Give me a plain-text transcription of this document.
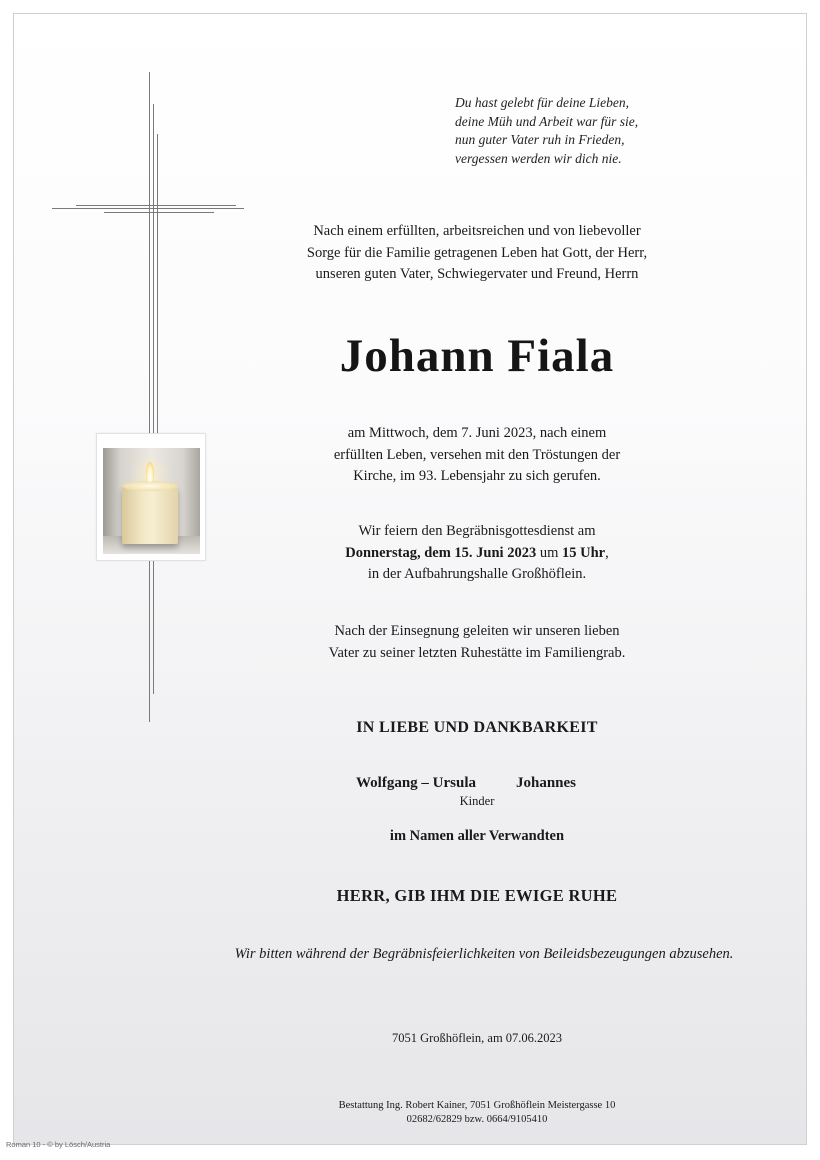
Du hast gelebt für deine Lieben,
deine Müh und Arbeit war für sie,
nun guter Vater ruh in Frieden,
vergessen werden wir dich nie.
Nach einem erfüllten, arbeitsreichen und von liebevoller
Sorge für die Familie getragenen Leben hat Gott, der Herr,
unseren guten Vater, Schwiegervater und Freund, Herrn
Johann Fiala
am Mittwoch, dem 7. Juni 2023, nach einem
erfüllten Leben, versehen mit den Tröstungen der
Kirche, im 93. Lebensjahr zu sich gerufen.
Wir feiern den Begräbnisgottesdienst am
Donnerstag, dem 15. Juni 2023 um 15 Uhr,
in der Aufbahrungshalle Großhöflein.
Nach der Einsegnung geleiten wir unseren lieben
Vater zu seiner letzten Ruhestätte im Familiengrab.
IN LIEBE UND DANKBARKEIT
Wolfgang – Ursula	Johannes
Kinder
im Namen aller Verwandten
HERR, GIB IHM DIE EWIGE RUHE
Wir bitten während der Begräbnisfeierlichkeiten von Beileidsbezeugungen abzusehen.
7051 Großhöflein, am 07.06.2023
Bestattung Ing. Robert Kainer, 7051 Großhöflein Meistergasse 10
02682/62829 bzw. 0664/9105410
Roman 10 - © by Lösch/Austria
